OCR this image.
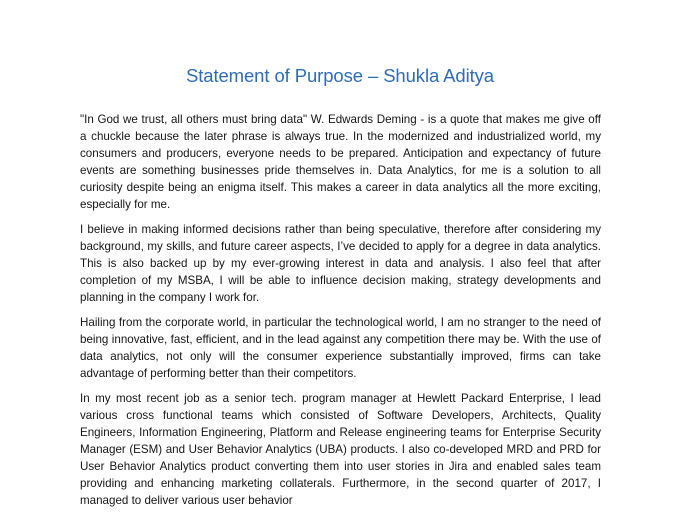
Statement of Purpose – Shukla Aditya

"In God we trust, all others must bring data" W. Edwards Deming - is a quote that makes me give off a chuckle because the later phrase is always true. In the modernized and industrialized world, my consumers and producers, everyone needs to be prepared. Anticipation and expectancy of future events are something businesses pride themselves in. Data Analytics, for me is a solution to all curiosity despite being an enigma itself. This makes a career in data analytics all the more exciting, especially for me.

I believe in making informed decisions rather than being speculative, therefore after considering my background, my skills, and future career aspects, I’ve decided to apply for a degree in data analytics. This is also backed up by my ever-growing interest in data and analysis. I also feel that after completion of my MSBA, I will be able to influence decision making, strategy developments and planning in the company I work for.

Hailing from the corporate world, in particular the technological world, I am no stranger to the need of being innovative, fast, efficient, and in the lead against any competition there may be. With the use of data analytics, not only will the consumer experience substantially improved, firms can take advantage of performing better than their competitors.

In my most recent job as a senior tech. program manager at Hewlett Packard Enterprise, I lead various cross functional teams which consisted of Software Developers, Architects, Quality Engineers, Information Engineering, Platform and Release engineering teams for Enterprise Security Manager (ESM) and User Behavior Analytics (UBA) products. I also co-developed MRD and PRD for User Behavior Analytics product converting them into user stories in Jira and enabled sales team providing and enhancing marketing collaterals. Furthermore, in the second quarter of 2017, I managed to deliver various user behavior
